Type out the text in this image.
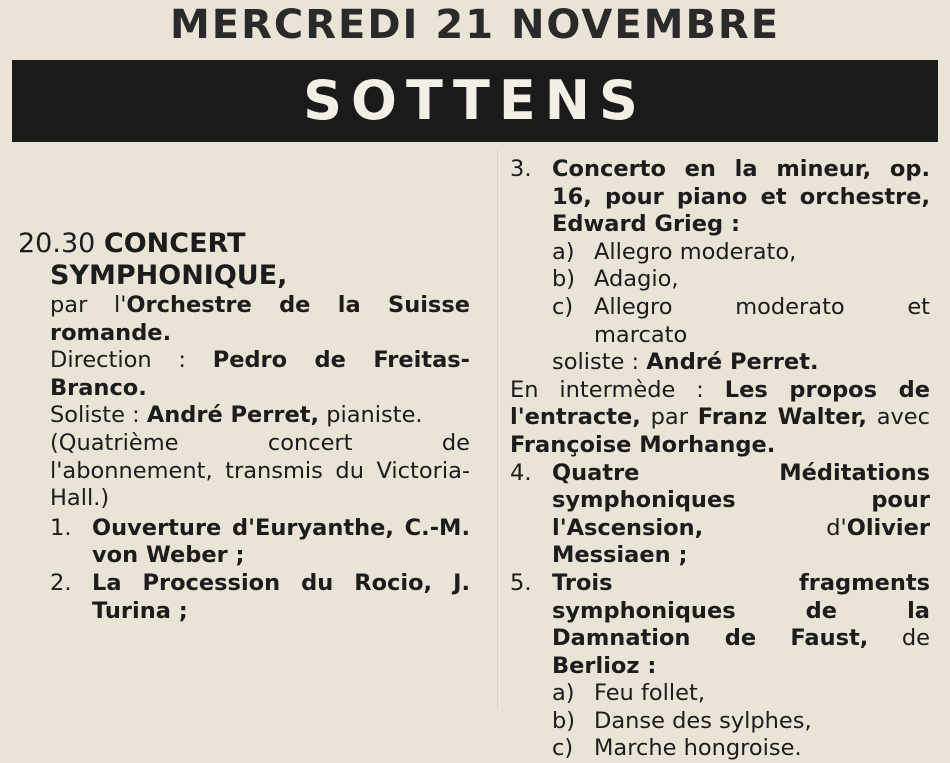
MERCREDI 21 NOVEMBRE
SOTTENS

20.30 CONCERT

SYMPHONIQUE,

par l'Orchestre de la Suisse romande.

Direction : Pedro de Freitas-Branco.

Soliste : André Perret, pianiste.

(Quatrième concert de l'abonnement, transmis du Victoria-Hall.)

1. Ouverture d'Euryanthe, C.-M. von Weber ;
2. La Procession du Rocio, J. Turina ;
3. Concerto en la mineur, op. 16, pour piano et orchestre, Edward Grieg :
a) Allegro moderato,
b) Adagio,
c) Allegro moderato et marcato

soliste : André Perret.

En intermède : Les propos de l'entracte, par Franz Walter, avec Françoise Morhange.

4. Quatre Méditations symphoniques pour l'Ascension,	d'Olivier Messiaen ;
5. Trois fragments symphoniques de la Damnation de Faust, de Berlioz :
a) Feu follet,
b) Danse des sylphes,
c) Marche hongroise.
